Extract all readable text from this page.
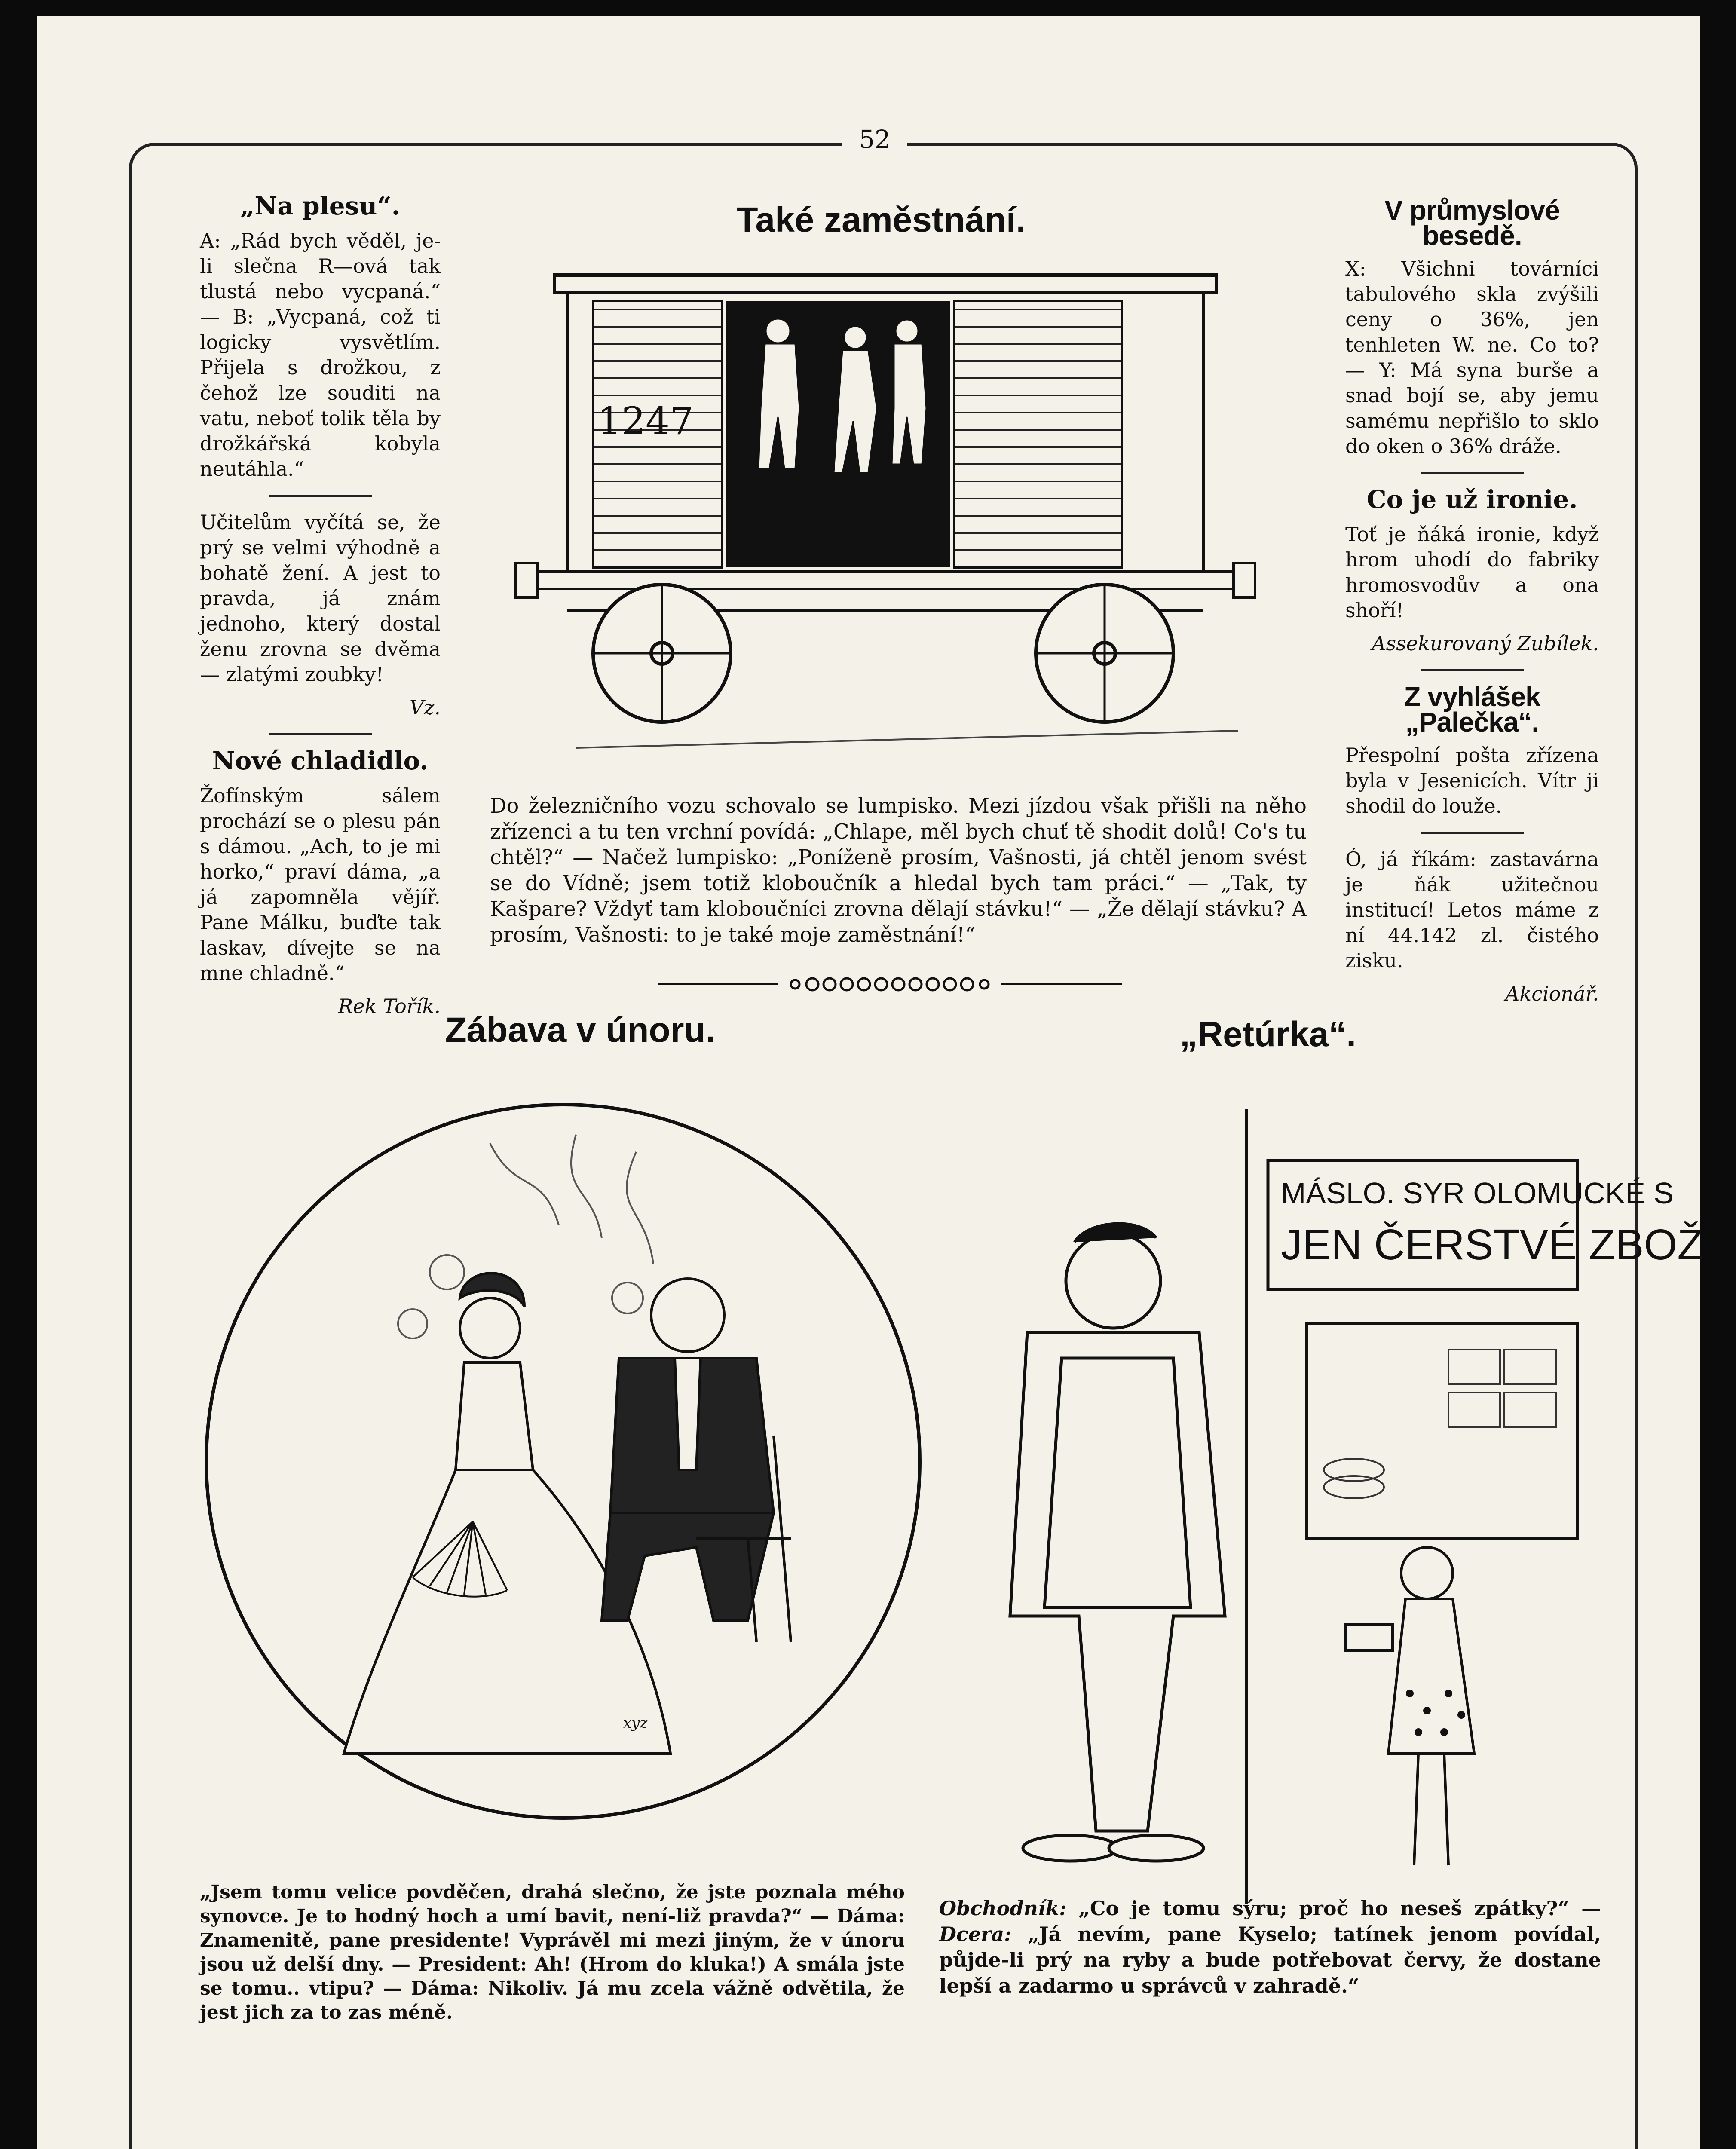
52

„Na plesu“.

A: „Rád bych věděl, je-li slečna R—ová tak tlustá nebo vycpaná.“ — B: „Vycpaná, což ti logicky vysvětlím. Přijela s drožkou, z čehož lze souditi na vatu, neboť tolik těla by drožkářská kobyla neutáhla.“

Učitelům vyčítá se, že prý se velmi výhodně a bohatě žení. A jest to pravda, já znám jednoho, který dostal ženu zrovna se dvěma — zlatými zoubky!

Vz.

Nové chladidlo.

Žofínským sálem prochází se o plesu pán s dámou. „Ach, to je mi horko,“ praví dáma, „a já zapomněla vějíř. Pane Málku, buďte tak laskav, dívejte se na mne chladně.“

Rek Tořík.

Také zaměstnání.
1247
Do železničního vozu schovalo se lumpisko. Mezi jízdou však přišli na něho zřízenci a tu ten vrchní povídá: „Chlape, měl bych chuť tě shodit dolů! Co's tu chtěl?“ — Načež lumpisko: „Poníženě prosím, Vašnosti, já chtěl jenom svést se do Vídně; jsem totiž kloboučník a hledal bych tam práci.“ — „Tak, ty Kašpare? Vždyť tam kloboučníci zrovna dělají stávku!“ — „Že dělají stávku? A prosím, Vašnosti: to je také moje zaměstnání!“

V průmyslové besedě.

X: Všichni továrníci tabulového skla zvýšili ceny o 36%, jen tenhleten W. ne. Co to? — Y: Má syna burše a snad bojí se, aby jemu samému nepřišlo to sklo do oken o 36% dráže.

Co je už ironie.

Toť je ňáká ironie, když hrom uhodí do fabriky hromosvodův a ona shoří!

Assekurovaný Zubílek.

Z vyhlášek „Palečka“.

Přespolní pošta zřízena byla v Jesenicích. Vítr ji shodil do louže.

Ó, já říkám: zastavárna je ňák užitečnou institucí! Letos máme z ní 44.142 zl. čistého zisku.

Akcionář.

Zábava v únoru.	„Retúrka“.
xyz
„Jsem tomu velice povděčen, drahá slečno, že jste poznala mého synovce. Je to hodný hoch a umí bavit, není-liž pravda?“ — Dáma: Znamenitě, pane presidente! Vyprávěl mi mezi jiným, že v únoru jsou už delší dny. — President: Ah! (Hrom do kluka!) A smála jste se tomu.. vtipu? — Dáma: Nikoliv. Já mu zcela vážně odvětila, že jest jich za to zas méně.
MÁSLO. SYR OLOMUCKÉ S
JEN ČERSTVÉ ZBOŽ
Obchodník: „Co je tomu sýru; proč ho neseš zpátky?“ — Dcera: „Já nevím, pane Kyselo; tatínek jenom povídal, půjde-li prý na ryby a bude potřebovat červy, že dostane lepší a zadarmo u správců v zahradě.“
